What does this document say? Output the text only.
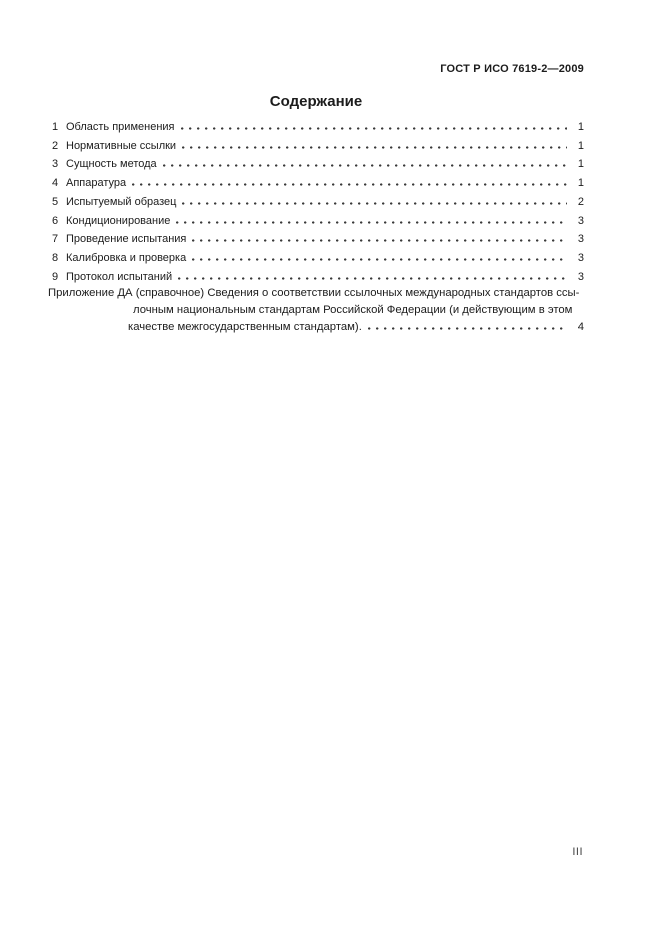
ГОСТ Р ИСО 7619-2—2009
Содержание
1 Область применения	1
2 Нормативные ссылки	1
3 Сущность метода	1
4 Аппаратура	1
5 Испытуемый образец	2
6 Кондиционирование	3
7 Проведение испытания	3
8 Калибровка и проверка	3
9 Протокол испытаний	3
Приложение ДА (справочное) Сведения о соответствии ссылочных международных стандартов ссы-
лочным национальным стандартам Российской Федерации (и действующим в этом
качестве межгосударственным стандартам).	4
III
